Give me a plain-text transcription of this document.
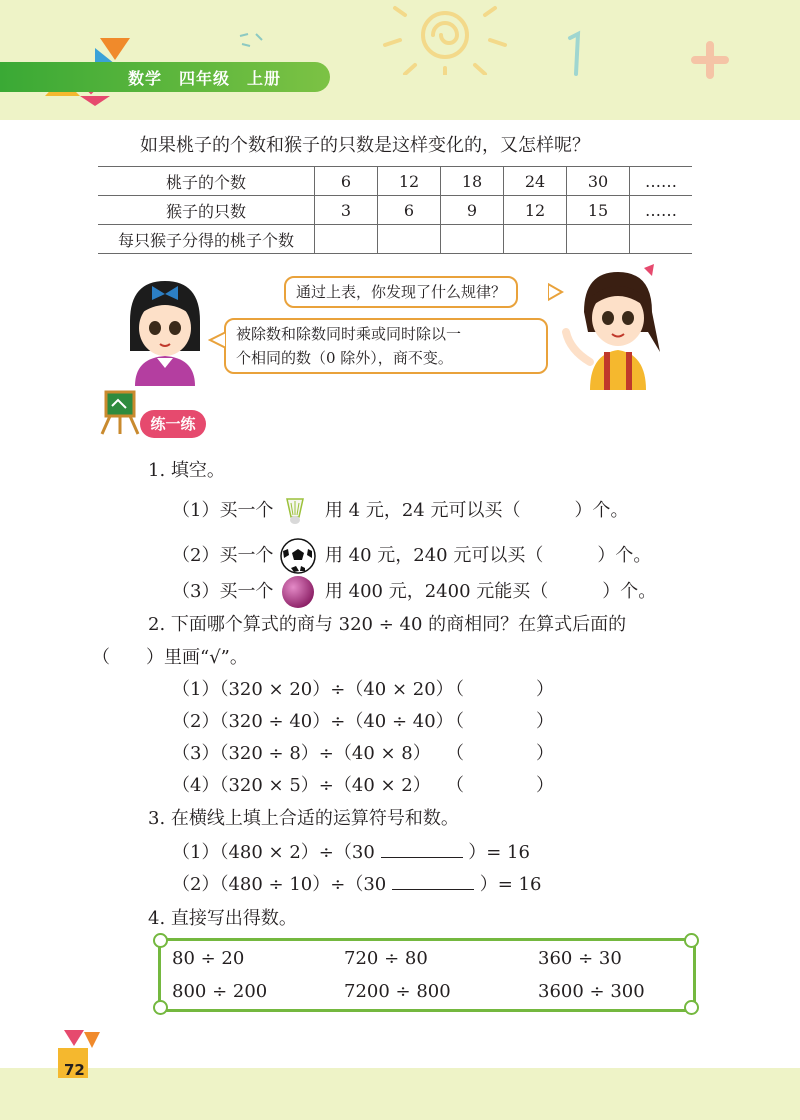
数学　四年级　上册
如果桃子的个数和猴子的只数是这样变化的，又怎样呢？
桃子的个数	6	12	18	24	30	……
猴子的只数	3	6	9	12	15	……
每只猴子分得的桃子个数						
通过上表，你发现了什么规律？
被除数和除数同时乘或同时除以一
个相同的数（0 除外），商不变。
练一练
1. 填空。
（1）买一个	用 4 元，24 元可以买（　　　）个。
（2）买一个	用 40 元，240 元可以买（　　　）个。
（3）买一个	用 400 元，2400 元能买（　　　）个。
2. 下面哪个算式的商与 320 ÷ 40 的商相同？在算式后面的
（　　）里画“√”。
（1）（320 × 20）÷（40 × 20）
（　　　　）
（2）（320 ÷ 40）÷（40 ÷ 40）
（　　　　）
（3）（320 ÷ 8）÷（40 × 8） （　　　　）
（4）（320 × 5）÷（40 × 2） （　　　　）
3. 在横线上填上合适的运算符号和数。
（1）（480 × 2）÷（30	）= 16
（2）（480 ÷ 10）÷（30	）= 16
4. 直接写出得数。
80 ÷ 20	720 ÷ 80	360 ÷ 30
800 ÷ 200	7200 ÷ 800	3600 ÷ 300
72
